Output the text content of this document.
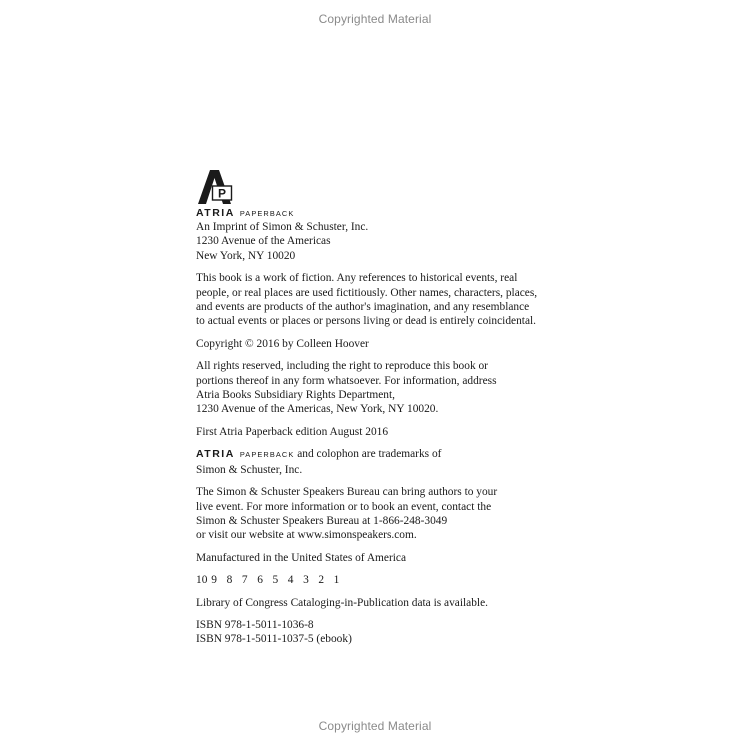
Copyrighted Material
P
ATRIA PAPERBACK
An Imprint of Simon & Schuster, Inc.
1230 Avenue of the Americas
New York, NY 10020
This book is a work of fiction. Any references to historical events, real
people, or real places are used fictitiously. Other names, characters, places,
and events are products of the author's imagination, and any resemblance
to actual events or places or persons living or dead is entirely coincidental.
Copyright © 2016 by Colleen Hoover
All rights reserved, including the right to reproduce this book or
portions thereof in any form whatsoever. For information, address
Atria Books Subsidiary Rights Department,
1230 Avenue of the Americas, New York, NY 10020.
First Atria Paperback edition August 2016
ATRIA PAPERBACK and colophon are trademarks of
Simon & Schuster, Inc.
The Simon & Schuster Speakers Bureau can bring authors to your
live event. For more information or to book an event, contact the
Simon & Schuster Speakers Bureau at 1-866-248-3049
or visit our website at www.simonspeakers.com.
Manufactured in the United States of America
10 9 8 7 6 5 4 3 2 1
Library of Congress Cataloging-in-Publication data is available.
ISBN 978-1-5011-1036-8
ISBN 978-1-5011-1037-5 (ebook)
Copyrighted Material
